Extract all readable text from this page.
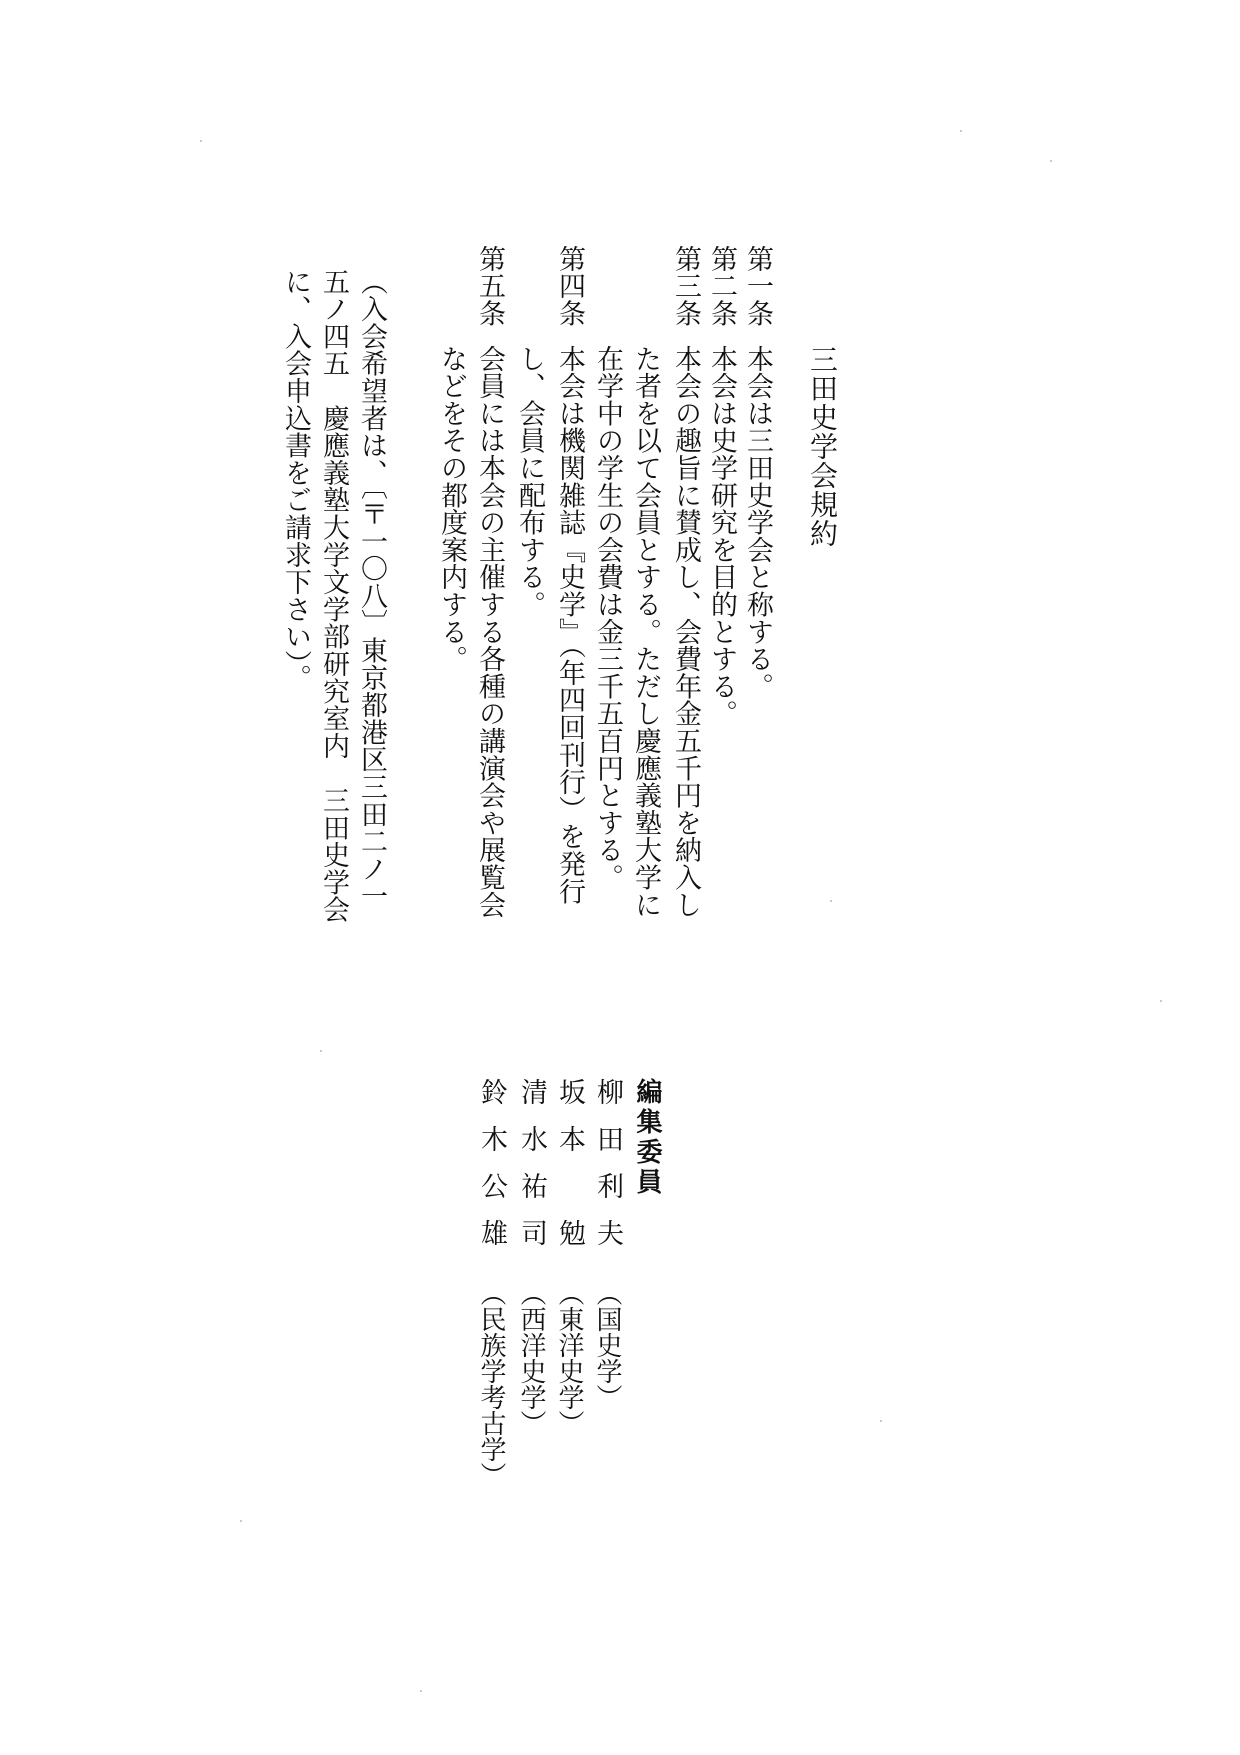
三田史学会規約
第一条
本会は三田史学会と称する。
第二条
本会は史学研究を目的とする。
第三条
本会の趣旨に賛成し、会費年金五千円を納入し
た者を以て会員とする。ただし慶應義塾大学に
在学中の学生の会費は金三千五百円とする。
第四条
本会は機関雑誌『史学』（年四回刊行）を発行
し、会員に配布する。
第五条
会員には本会の主催する各種の講演会や展覧会
などをその都度案内する。
（入会希望者は、〔〒一〇八〕東京都港区三田二ノ一
五ノ四五　慶應義塾大学文学部研究室内　三田史学会
に、入会申込書をご請求下さい）。
編集委員
柳田利夫
（国史学）
坂本　勉
（東洋史学）
清水祐司
（西洋史学）
鈴木公雄
（民族学考古学）
